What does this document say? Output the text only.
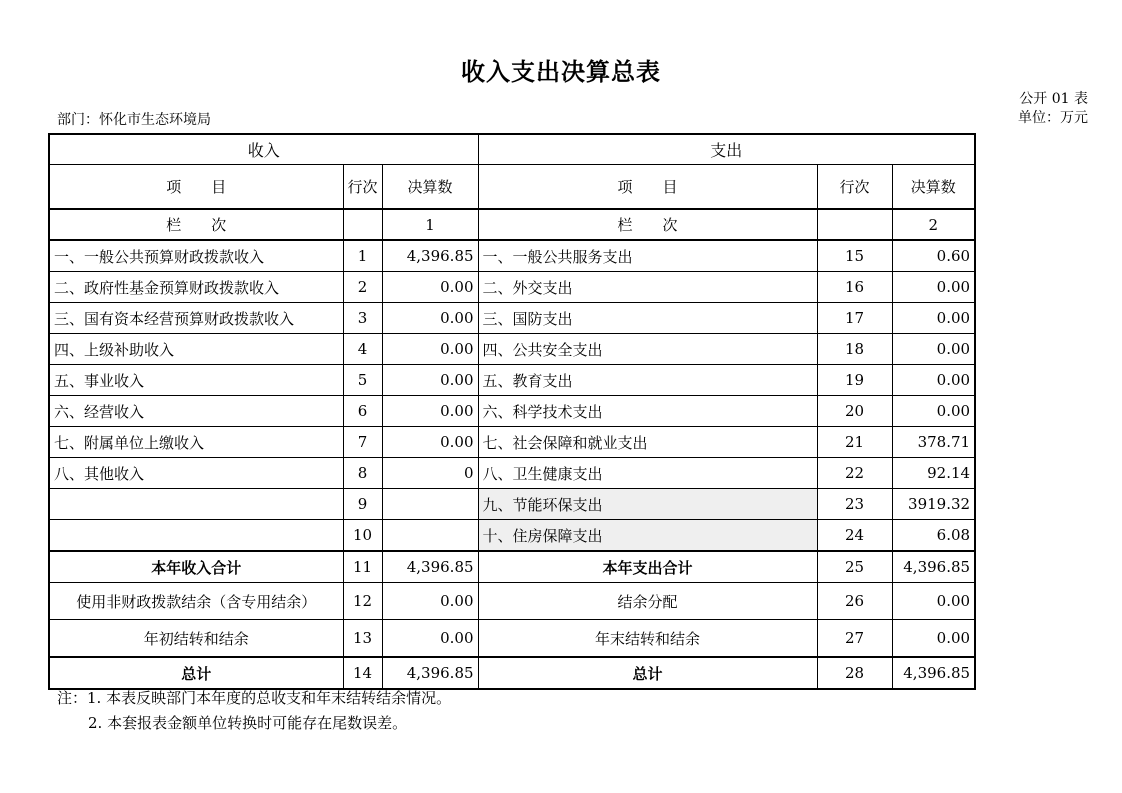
收入支出决算总表
公开 01 表
单位：万元
部门：怀化市生态环境局
收入			支出		
项　　目	行次	决算数	项　　目	行次	决算数
栏　　次		1	栏　　次		2
一、一般公共预算财政拨款收入	1	4,396.85	一、一般公共服务支出	15	0.60
二、政府性基金预算财政拨款收入	2	0.00	二、外交支出	16	0.00
三、国有资本经营预算财政拨款收入	3	0.00	三、国防支出	17	0.00
四、上级补助收入	4	0.00	四、公共安全支出	18	0.00
五、事业收入	5	0.00	五、教育支出	19	0.00
六、经营收入	6	0.00	六、科学技术支出	20	0.00
七、附属单位上缴收入	7	0.00	七、社会保障和就业支出	21	378.71
八、其他收入	8	0	八、卫生健康支出	22	92.14
	9		九、节能环保支出	23	3919.32
	10		十、住房保障支出	24	6.08
本年收入合计	11	4,396.85	本年支出合计	25	4,396.85
使用非财政拨款结余（含专用结余）	12	0.00	结余分配	26	0.00
年初结转和结余	13	0.00	年末结转和结余	27	0.00
总计	14	4,396.85	总计	28	4,396.85
注：1. 本表反映部门本年度的总收支和年末结转结余情况。
2. 本套报表金额单位转换时可能存在尾数误差。
